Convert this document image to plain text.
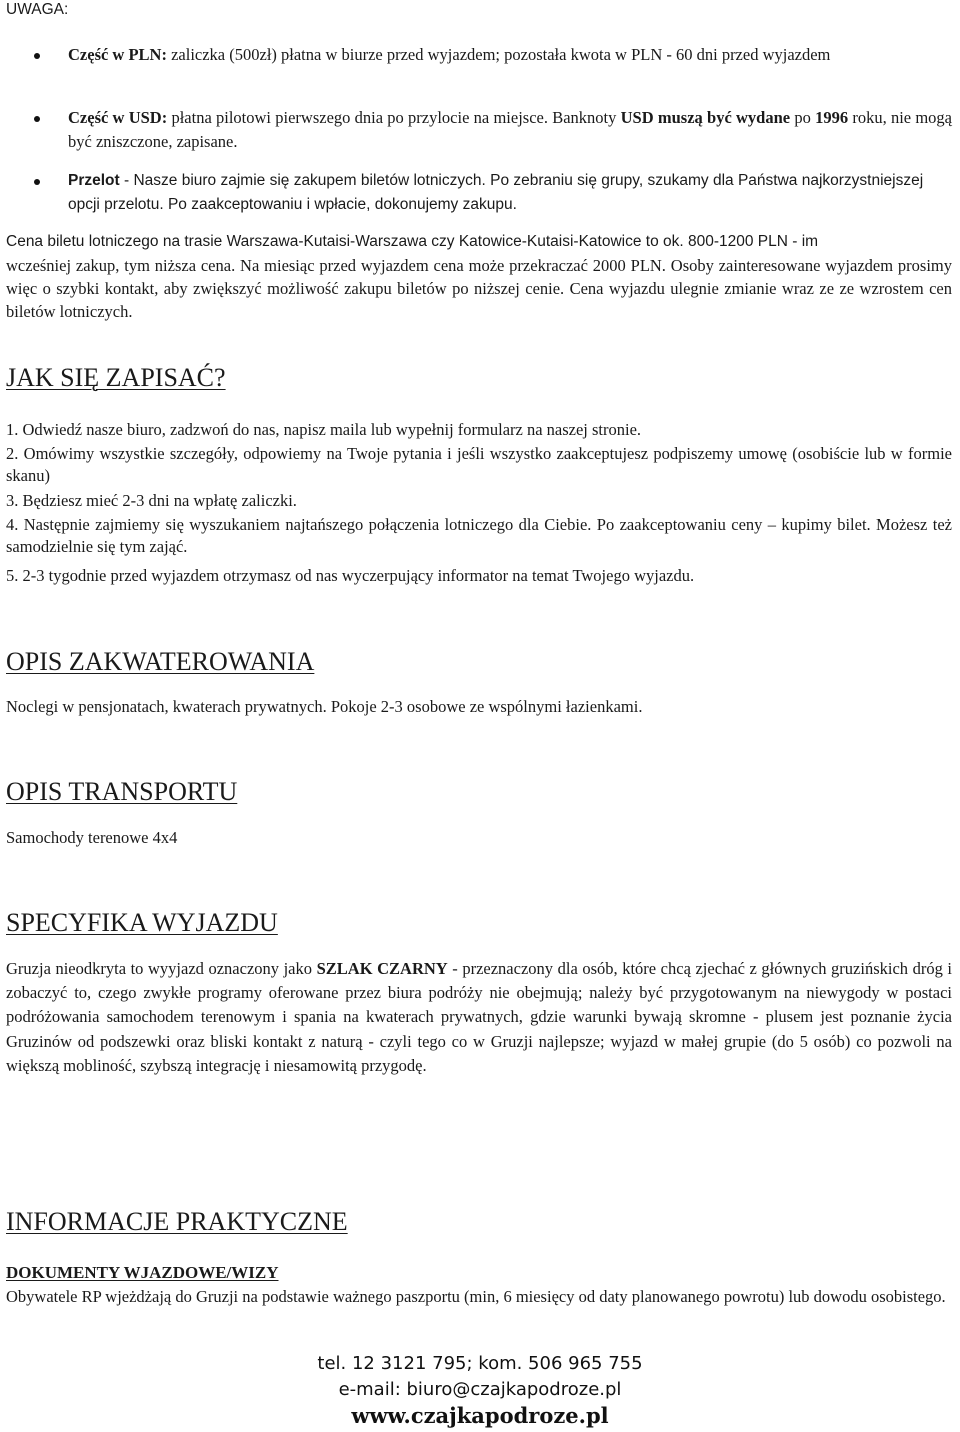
UWAGA:
Część w PLN: zaliczka (500zł) płatna w biurze przed wyjazdem; pozostała kwota w PLN - 60 dni przed wyjazdem
Część w USD: płatna pilotowi pierwszego dnia po przylocie na miejsce. Banknoty USD muszą być wydane po 1996 roku, nie mogą być zniszczone, zapisane.
Przelot - Nasze biuro zajmie się zakupem biletów lotniczych. Po zebraniu się grupy, szukamy dla Państwa najkorzystniejszej opcji przelotu. Po zaakceptowaniu i wpłacie, dokonujemy zakupu.
Cena biletu lotniczego na trasie Warszawa-Kutaisi-Warszawa czy Katowice-Kutaisi-Katowice to ok. 800-1200 PLN - im
wcześniej zakup, tym niższa cena. Na miesiąc przed wyjazdem cena może przekraczać 2000 PLN. Osoby zainteresowane wyjazdem prosimy więc o szybki kontakt, aby zwiększyć możliwość zakupu biletów po niższej cenie. Cena wyjazdu ulegnie zmianie wraz ze ze wzrostem cen biletów lotniczych.
JAK SIĘ ZAPISAĆ?
1. Odwiedź nasze biuro, zadzwoń do nas, napisz maila lub wypełnij formularz na naszej stronie.
2. Omówimy wszystkie szczegóły, odpowiemy na Twoje pytania i jeśli wszystko zaakceptujesz podpiszemy umowę (osobiście lub w formie skanu)
3. Będziesz mieć 2-3 dni na wpłatę zaliczki.
4. Następnie zajmiemy się wyszukaniem najtańszego połączenia lotniczego dla Ciebie. Po zaakceptowaniu ceny – kupimy bilet. Możesz też samodzielnie się tym zająć.
5. 2-3 tygodnie przed wyjazdem otrzymasz od nas wyczerpujący informator na temat Twojego wyjazdu.
OPIS ZAKWATEROWANIA
Noclegi w pensjonatach, kwaterach prywatnych. Pokoje 2-3 osobowe ze wspólnymi łazienkami.
OPIS TRANSPORTU
Samochody terenowe 4x4
SPECYFIKA WYJAZDU
Gruzja nieodkryta to wyyjazd oznaczony jako SZLAK CZARNY - przeznaczony dla osób, które chcą zjechać z głównych gruzińskich dróg i zobaczyć to, czego zwykłe programy oferowane przez biura podróży nie obejmują; należy być przygotowanym na niewygody w postaci podróżowania samochodem terenowym i spania na kwaterach prywatnych, gdzie warunki bywają skromne - plusem jest poznanie życia Gruzinów od podszewki oraz bliski kontakt z naturą - czyli tego co w Gruzji najlepsze; wyjazd w małej grupie (do 5 osób) co pozwoli na większą mobliność, szybszą integrację i niesamowitą przygodę.
INFORMACJE PRAKTYCZNE
DOKUMENTY WJAZDOWE/WIZY
Obywatele RP wjeżdżają do Gruzji na podstawie ważnego paszportu (min, 6 miesięcy od daty planowanego powrotu) lub dowodu osobistego.
tel. 12 3121 795; kom. 506 965 755
e-mail: biuro@czajkapodroze.pl
www.czajkapodroze.pl
